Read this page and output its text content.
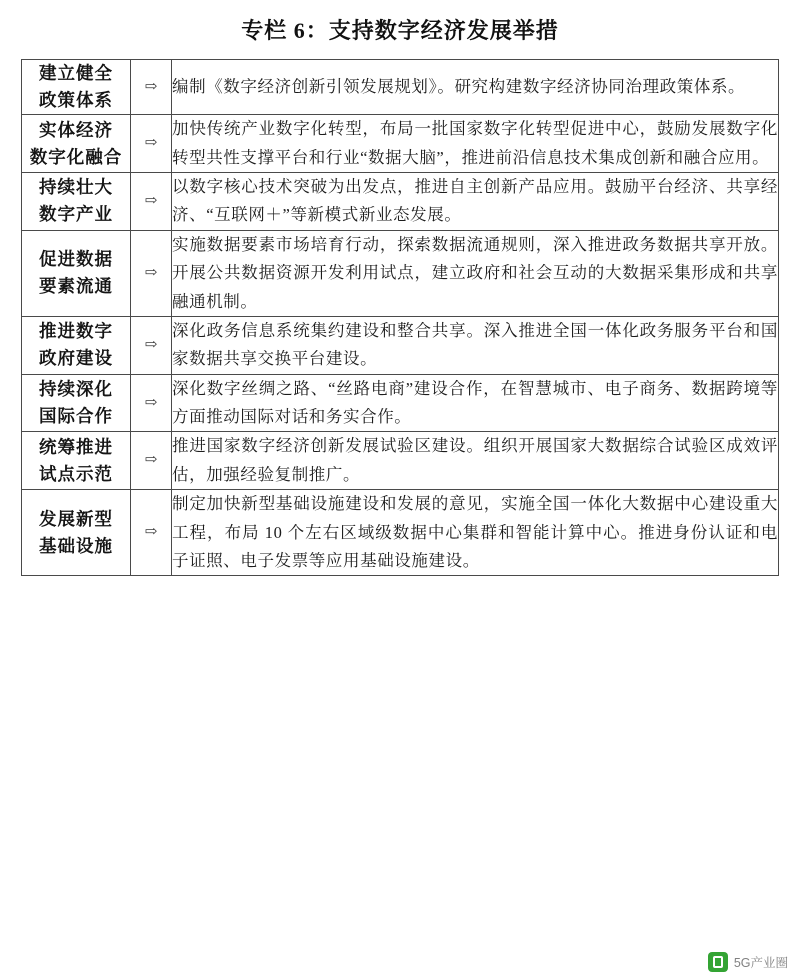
专栏 6：支持数字经济发展举措
建立健全
政策体系	⇨	编制《数字经济创新引领发展规划》。研究构建数字经济协同治理政策体系。

实体经济
数字化融合	⇨	加快传统产业数字化转型，布局一批国家数字化转型促进中心，鼓励发展数字化转型共性支撑平台和行业“数据大脑”，推进前沿信息技术集成创新和融合应用。

持续壮大
数字产业	⇨	以数字核心技术突破为出发点，推进自主创新产品应用。鼓励平台经济、共享经济、“互联网＋”等新模式新业态发展。

促进数据
要素流通	⇨	实施数据要素市场培育行动，探索数据流通规则，深入推进政务数据共享开放。开展公共数据资源开发利用试点，建立政府和社会互动的大数据采集形成和共享融通机制。

推进数字
政府建设	⇨	深化政务信息系统集约建设和整合共享。深入推进全国一体化政务服务平台和国家数据共享交换平台建设。

持续深化
国际合作	⇨	深化数字丝绸之路、“丝路电商”建设合作，在智慧城市、电子商务、数据跨境等方面推动国际对话和务实合作。

统筹推进
试点示范	⇨	推进国家数字经济创新发展试验区建设。组织开展国家大数据综合试验区成效评估，加强经验复制推广。

发展新型
基础设施	⇨	制定加快新型基础设施建设和发展的意见，实施全国一体化大数据中心建设重大工程，布局 10 个左右区域级数据中心集群和智能计算中心。推进身份认证和电子证照、电子发票等应用基础设施建设。
5G产业圈
